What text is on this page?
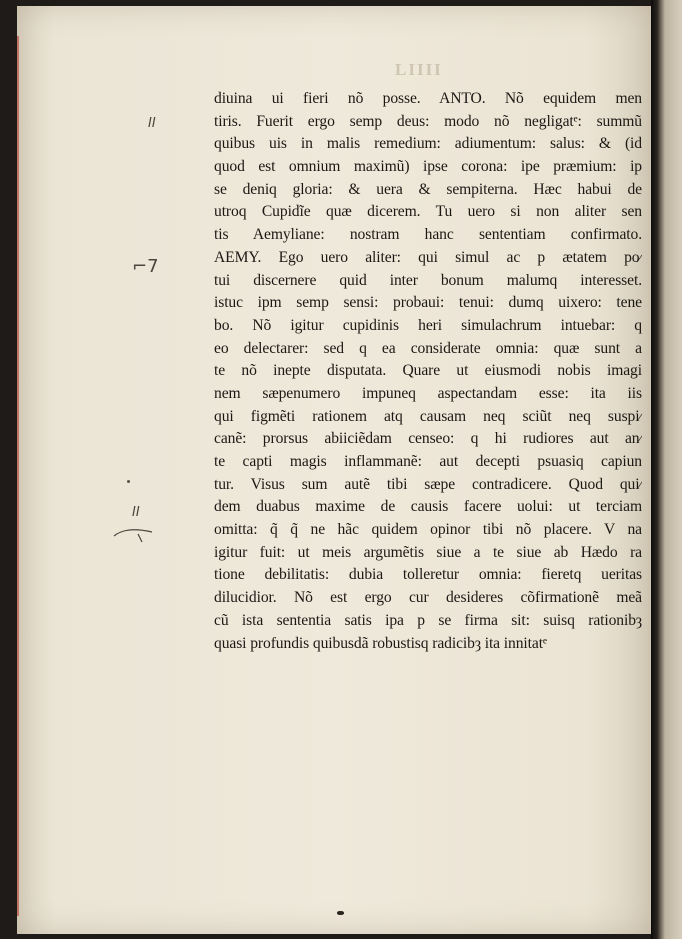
LIIII
II
⌐7
II
diuina ui fieri nõ posse. ANTO. Nõ equidem men
tiris. Fuerit ergo semp deus: modo nõ negligatᵉ: summũ
quibus uis in malis remedium: adiumentum: salus: & (id
quod est omnium maximũ) ipse corona: ipe præmium: ip
se deniq gloria: & uera & sempiterna. Hæc habui de
utroq Cupidĩe quæ dicerem. Tu uero si non aliter sen
tis Aemyliane: nostram hanc sententiam confirmato.
AEMY. Ego uero aliter: qui simul ac p ætatem po⁄
tui discernere quid inter bonum malumq interesset.
istuc ipm semp sensi: probaui: tenui: dumq uixero: tene
bo. Nõ igitur cupidinis heri simulachrum intuebar: q
eo delectarer: sed q ea considerate omnia: quæ sunt a
te nõ inepte disputata. Quare ut eiusmodi nobis imagi
nem sæpenumero impuneq aspectandam esse: ita iis
qui figmẽti rationem atq causam neq sciũt neq suspi⁄
canẽ: prorsus abiiciẽdam censeo: q hi rudiores aut an⁄
te capti magis inflammanẽ: aut decepti psuasiq capiun
tur. Visus sum autẽ tibi sæpe contradicere. Quod qui⁄
dem duabus maxime de causis facere uolui: ut terciam
omitta: q̃ q̃ ne hãc quidem opinor tibi nõ placere. V na
igitur fuit: ut meis argumẽtis siue a te siue ab Hædo ra
tione debilitatis: dubia tolleretur omnia: fieretq ueritas
dilucidior. Nõ est ergo cur desideres cõfirmationẽ meã
cũ ista sententia satis ipa p se firma sit: suisq rationibȝ
quasi profundis quibusdã robustisq radicibȝ ita innitatᵉ
